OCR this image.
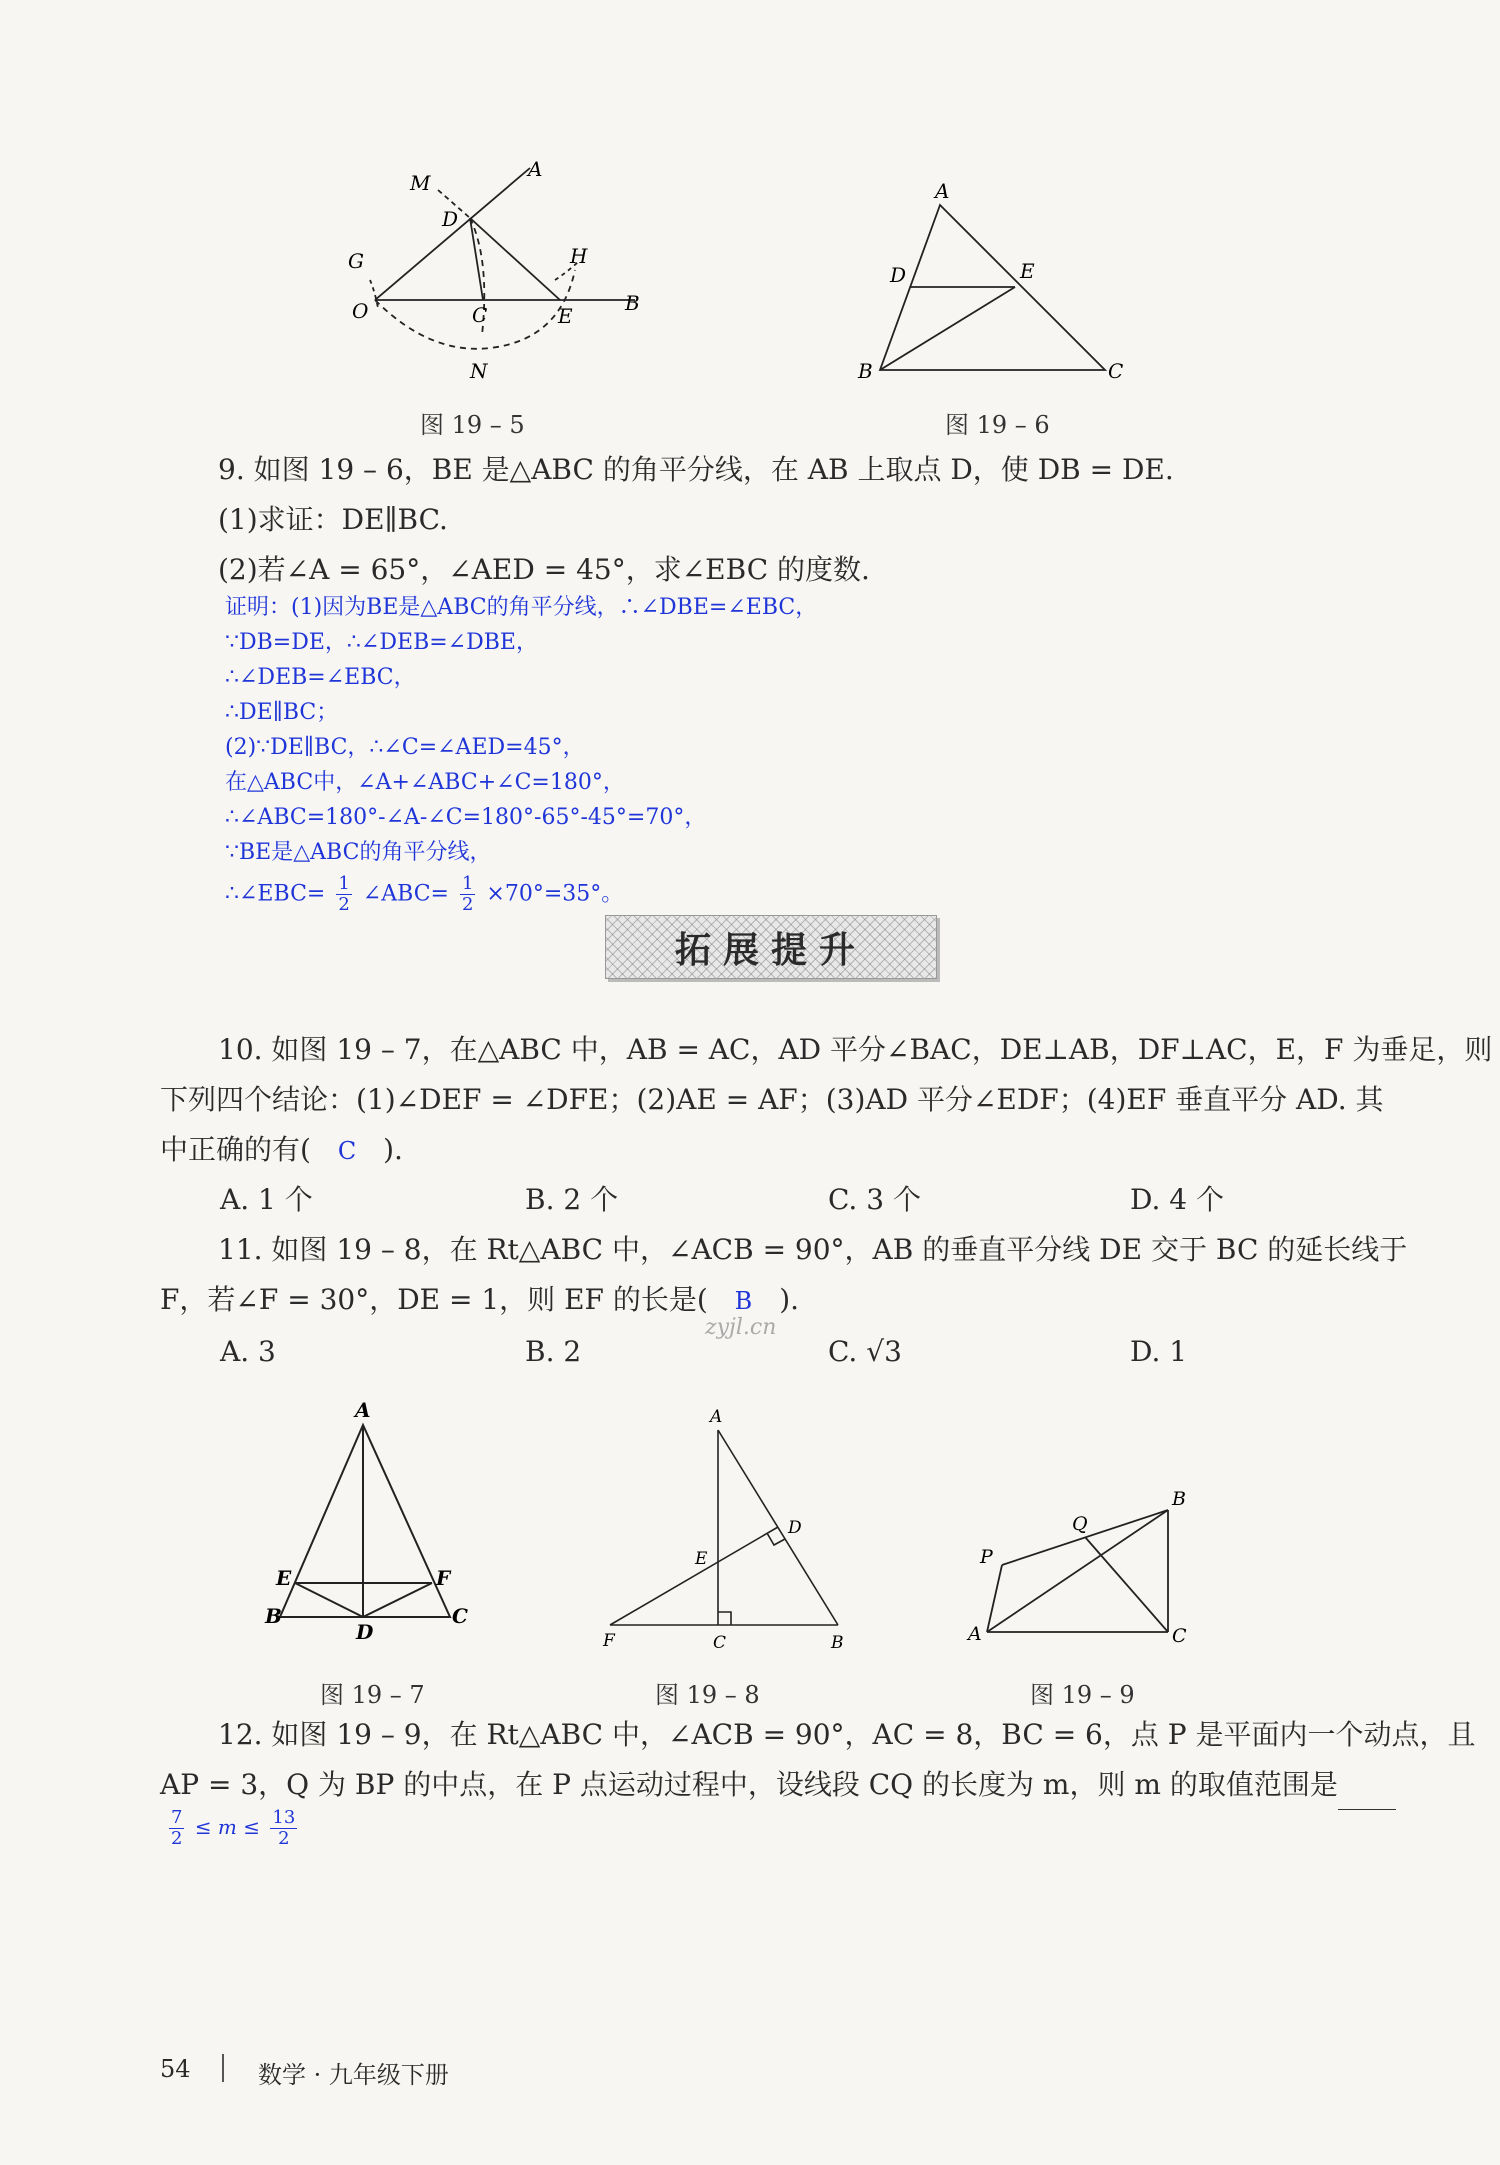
M
A
D
G	H
O	C	E
B
N
图 19 – 5
A
D	E
B	C
图 19 – 6
9. 如图 19 – 6，BE 是△ABC 的角平分线，在 AB 上取点 D，使 DB = DE.
(1)求证：DE∥BC.
(2)若∠A = 65°，∠AED = 45°，求∠EBC 的度数.
证明：(1)因为BE是△ABC的角平分线，∴∠DBE=∠EBC，
∵DB=DE，∴∠DEB=∠DBE，
∴∠DEB=∠EBC，
∴DE∥BC；
(2)∵DE∥BC，∴∠C=∠AED=45°，
在△ABC中，∠A+∠ABC+∠C=180°，
∴∠ABC=180°-∠A-∠C=180°-65°-45°=70°，
∵BE是△ABC的角平分线，
∴∠EBC= $\frac{1}{2}$ ∠ABC= $\frac{1}{2} \times 70^\circ=35^\circ$。
拓展提升
10. 如图 19 – 7，在△ABC 中，AB = AC，AD 平分∠BAC，DE⊥AB，DF⊥AC，E，F 为垂足，则
下列四个结论：(1)∠DEF = ∠DFE；(2)AE = AF；(3)AD 平分∠EDF；(4)EF 垂直平分 AD. 其
中正确的有( C ).
A. 1 个	B. 2 个	C. 3 个	D. 4 个
11. 如图 19 – 8，在 Rt△ABC 中，∠ACB = 90°，AB 的垂直平分线 DE 交于 BC 的延长线于
F，若∠F = 30°，DE = 1，则 EF 的长是( B ).
zyjl.cn
A. 3	B. 2	C. √3	D. 1
A
E	F
B
D
C
图 19 – 7
A
D
E
F	C	B
图 19 – 8
B
Q
P
A	C
图 19 – 9
12. 如图 19 – 9，在 Rt△ABC 中，∠ACB = 90°，AC = 8，BC = 6，点 P 是平面内一个动点，且
AP = 3，Q 为 BP 的中点，在 P 点运动过程中，设线段 CQ 的长度为 m，则 m 的取值范围是
$\frac{7}{2} \le m \le \frac{13}{2}$
54	数学 · 九年级下册
